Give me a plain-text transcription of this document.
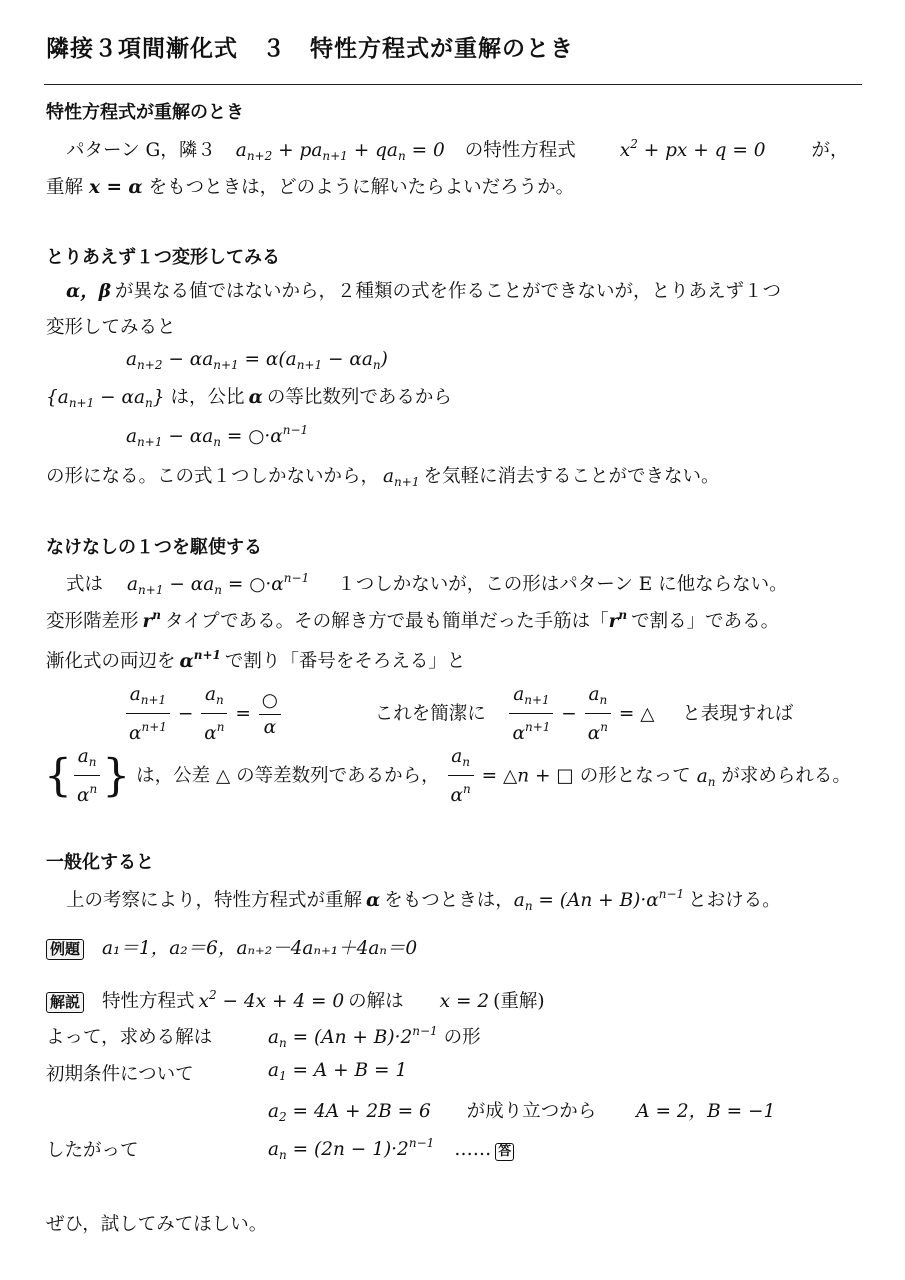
隣接３項間漸化式　３　特性方程式が重解のとき
特性方程式が重解のとき
パターン G，隣３ $a_{n+2} + pa_{n+1} + qa_n = 0$ の特性方程式 $x^2$ + px + q = 0 が，
重解 x = α をもつときは，どのように解いたらよいだろうか。
とりあえず１つ変形してみる
α，β が異なる値ではないから，２種類の式を作ることができないが，とりあえず１つ
変形してみると
$a_{n+2} - \alpha a_{n+1} = \alpha(a_{n+1} - \alpha a_n)$
$\{a_{n+1} - \alpha a_n\}$ は，公比 α の等比数列であるから
$a_{n+1} - \alpha a_n$ = $○\cdot\alpha^{n-1}$
の形になる。この式１つしかないから， $a_{n+1}$ を気軽に消去することができない。
なけなしの１つを駆使する
式は $a_{n+1} - \alpha a_n$ = $○\cdot\alpha^{n-1}$ １つしかないが，この形はパターン E に他ならない。
変形階差形 $r^n$ タイプである。その解き方で最も簡単だった手筋は「$r^n$ で割る」である。
漸化式の両辺を $\alpha^{n+1}$ で割り「番号をそろえる」と
$\frac{a_{n+1}}{\alpha^{n+1}} - \frac{a_n}{\alpha^n} = \frac{○}{\alpha}$	これを簡潔に $\frac{a_{n+1}}{\alpha^{n+1}} - \frac{a_n}{\alpha^n}$ = △ と表現すれば
{ $\frac{a_n}{\alpha^n}$ } は，公差 △ の等差数列であるから， $\frac{a_n}{\alpha^n}$ = △n + □ の形となって $a_n$ が求められる。
一般化すると
上の考察により，特性方程式が重解 α をもつときは，$a_n = (An + B)\cdot\alpha^{n-1}$ とおける。
例題 a₁＝1，a₂＝6，aₙ₊₂－4aₙ₊₁＋4aₙ＝0
解説 特性方程式 $x^2 - 4x + 4 = 0$ の解は x = 2 (重解)
よって，求める解は	$a_n = (An + B)\cdot 2^{n-1}$ の形
初期条件について	$a_1 = A + B = 1$
$a_2 = 4A + 2B = 6$ が成り立つから A = 2，B = −1
したがって	$a_n = (2n - 1)\cdot 2^{n-1}$ …… 答
ぜひ，試してみてほしい。
